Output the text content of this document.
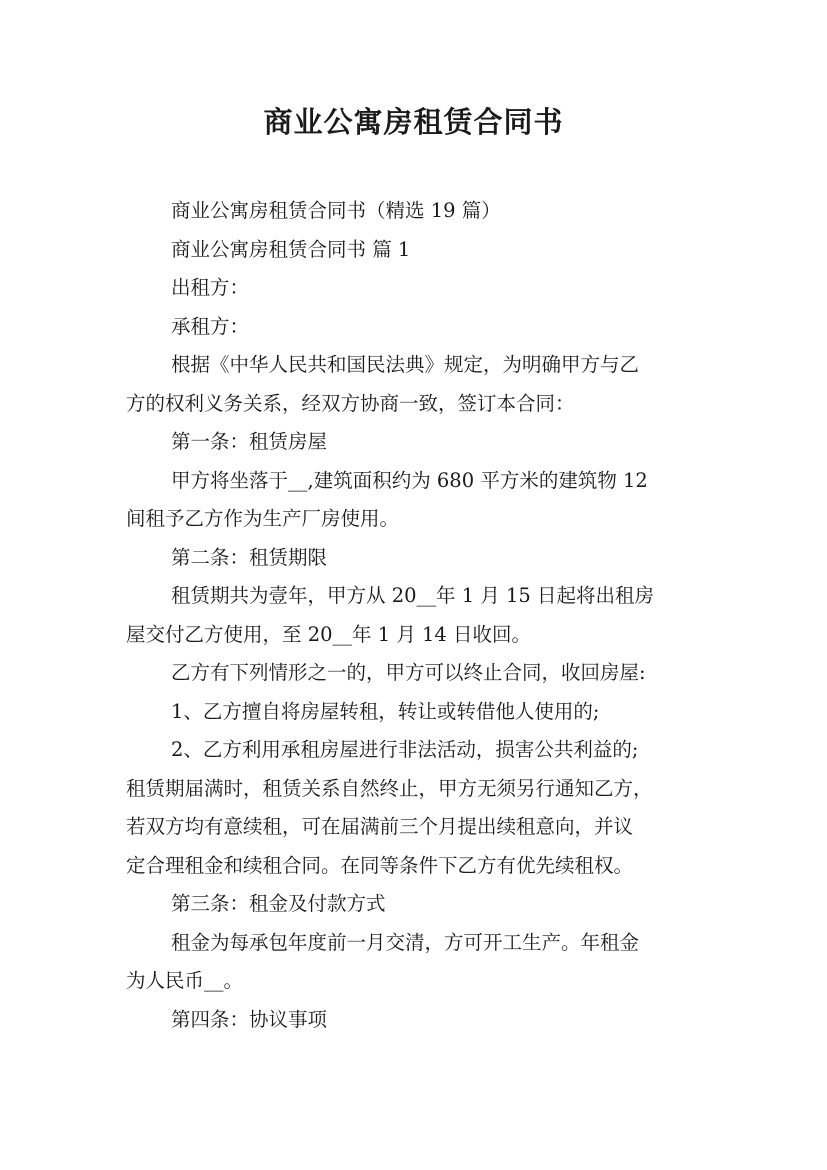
商业公寓房租赁合同书
商业公寓房租赁合同书（精选 19 篇）
商业公寓房租赁合同书 篇 1
出租方：
承租方：
根据《中华人民共和国民法典》规定，为明确甲方与乙
方的权利义务关系，经双方协商一致，签订本合同：
第一条：租赁房屋
甲方将坐落于__,建筑面积约为 680 平方米的建筑物 12
间租予乙方作为生产厂房使用。
第二条：租赁期限
租赁期共为壹年，甲方从 20__年 1 月 15 日起将出租房
屋交付乙方使用，至 20__年 1 月 14 日收回。
乙方有下列情形之一的，甲方可以终止合同，收回房屋:
1、乙方擅自将房屋转租，转让或转借他人使用的;
2、乙方利用承租房屋进行非法活动，损害公共利益的;
租赁期届满时，租赁关系自然终止，甲方无须另行通知乙方，
若双方均有意续租，可在届满前三个月提出续租意向，并议
定合理租金和续租合同。在同等条件下乙方有优先续租权。
第三条：租金及付款方式
租金为每承包年度前一月交清，方可开工生产。年租金
为人民币__。
第四条：协议事项
